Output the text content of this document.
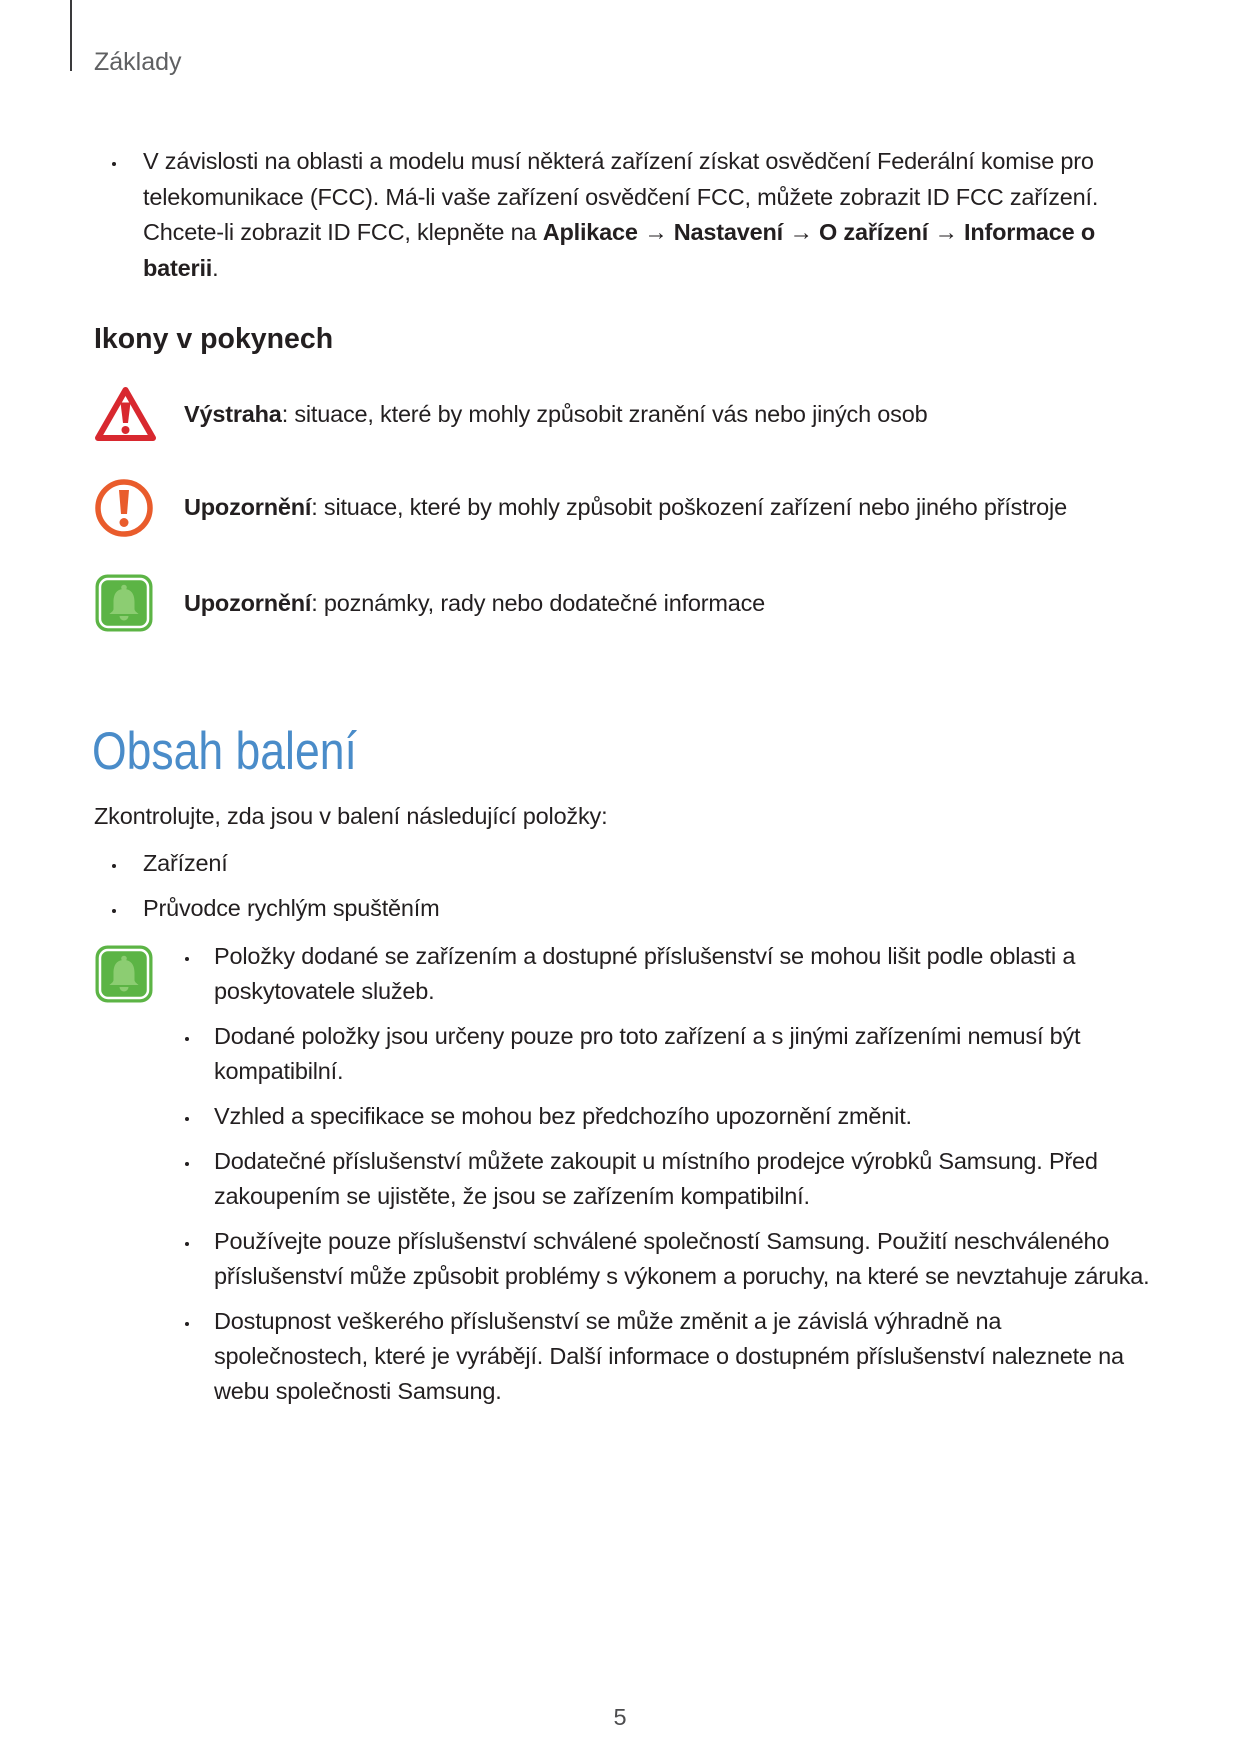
Základy
V závislosti na oblasti a modelu musí některá zařízení získat osvědčení Federální komise pro telekomunikace (FCC). Má-li vaše zařízení osvědčení FCC, můžete zobrazit ID FCC zařízení. Chcete-li zobrazit ID FCC, klepněte na Aplikace → Nastavení → O zařízení → Informace o baterii.
Ikony v pokynech
Výstraha: situace, které by mohly způsobit zranění vás nebo jiných osob
Upozornění: situace, které by mohly způsobit poškození zařízení nebo jiného přístroje
Upozornění: poznámky, rady nebo dodatečné informace
Obsah balení
Zkontrolujte, zda jsou v balení následující položky:
Zařízení
Průvodce rychlým spuštěním
Položky dodané se zařízením a dostupné příslušenství se mohou lišit podle oblasti a poskytovatele služeb.
Dodané položky jsou určeny pouze pro toto zařízení a s jinými zařízeními nemusí být kompatibilní.
Vzhled a specifikace se mohou bez předchozího upozornění změnit.
Dodatečné příslušenství můžete zakoupit u místního prodejce výrobků Samsung. Před zakoupením se ujistěte, že jsou se zařízením kompatibilní.
Používejte pouze příslušenství schválené společností Samsung. Použití neschváleného příslušenství může způsobit problémy s výkonem a poruchy, na které se nevztahuje záruka.
Dostupnost veškerého příslušenství se může změnit a je závislá výhradně na společnostech, které je vyrábějí. Další informace o dostupném příslušenství naleznete na webu společnosti Samsung.
5
